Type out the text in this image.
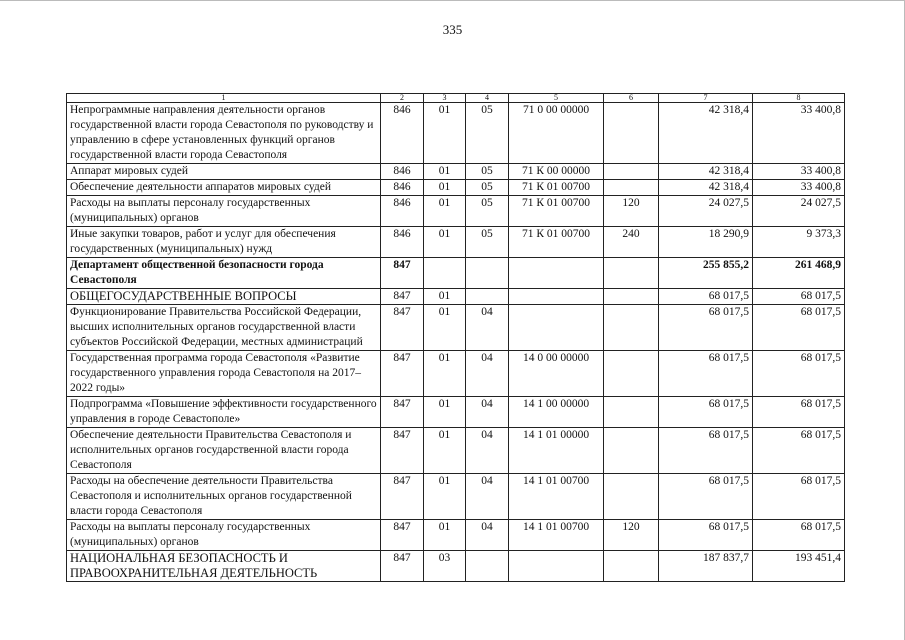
335
1	2	3	4	5	6	7	8
Непрограммные направления деятельности органов государственной власти города Севастополя по руководству и управлению в сфере установленных функций органов государственной власти города Севастополя	846	01	05	71 0 00 00000		42 318,4	33 400,8
Аппарат мировых судей	846	01	05	71 К 00 00000		42 318,4	33 400,8
Обеспечение деятельности аппаратов мировых судей	846	01	05	71 К 01 00700		42 318,4	33 400,8
Расходы на выплаты персоналу государственных (муниципальных) органов	846	01	05	71 К 01 00700	120	24 027,5	24 027,5
Иные закупки товаров, работ и услуг для обеспечения государственных (муниципальных) нужд	846	01	05	71 К 01 00700	240	18 290,9	9 373,3
Департамент общественной безопасности города Севастополя	847					255 855,2	261 468,9
ОБЩЕГОСУДАРСТВЕННЫЕ ВОПРОСЫ	847	01				68 017,5	68 017,5
Функционирование Правительства Российской Федерации, высших исполнительных органов государственной власти субъектов Российской Федерации, местных администраций	847	01	04			68 017,5	68 017,5
Государственная программа города Севастополя «Развитие государственного управления города Севастополя на 2017–2022 годы»	847	01	04	14 0 00 00000		68 017,5	68 017,5
Подпрограмма «Повышение эффективности государственного управления в городе Севастополе»	847	01	04	14 1 00 00000		68 017,5	68 017,5
Обеспечение деятельности Правительства Севастополя и исполнительных органов государственной власти города Севастополя	847	01	04	14 1 01 00000		68 017,5	68 017,5
Расходы на обеспечение деятельности Правительства Севастополя и исполнительных органов государственной власти города Севастополя	847	01	04	14 1 01 00700		68 017,5	68 017,5
Расходы на выплаты персоналу государственных (муниципальных) органов	847	01	04	14 1 01 00700	120	68 017,5	68 017,5
НАЦИОНАЛЬНАЯ БЕЗОПАСНОСТЬ И ПРАВООХРАНИТЕЛЬНАЯ ДЕЯТЕЛЬНОСТЬ	847	03				187 837,7	193 451,4
